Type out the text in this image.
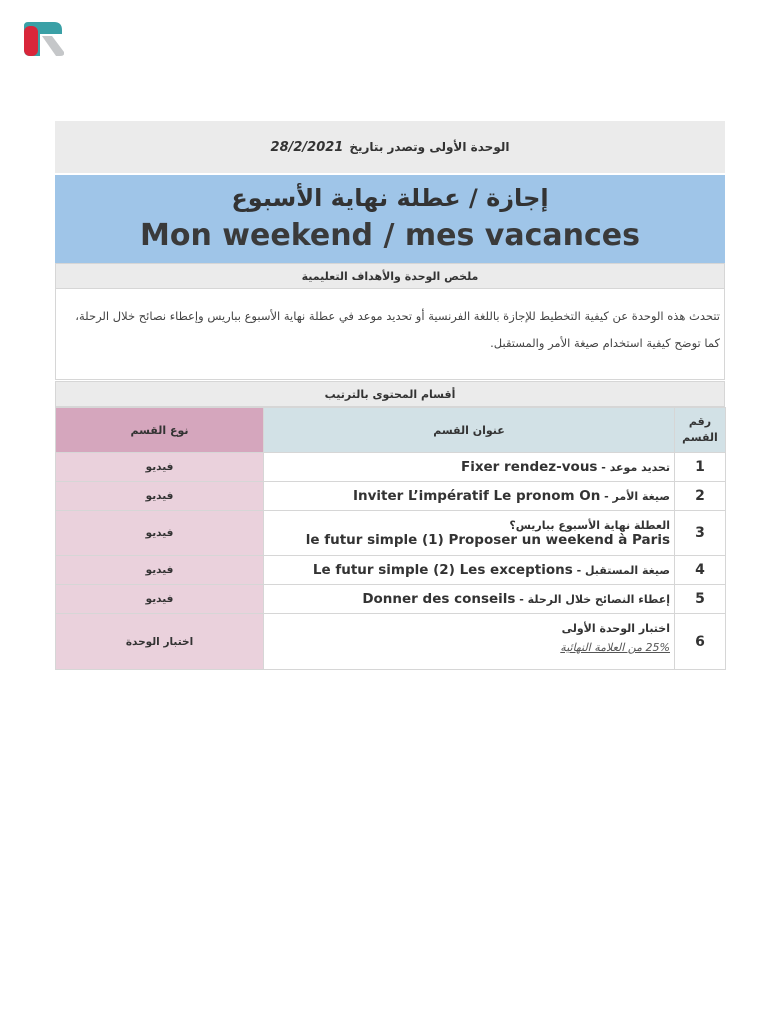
الوحدة الأولى وتصدر بتاريخ
28/2/2021
إجازة / عطلة نهاية الأسبوع
Mon weekend / mes vacances
ملخص الوحدة والأهداف التعليمية
تتحدث هذه الوحدة عن كيفية التخطيط للإجازة باللغة الفرنسية أو تحديد موعد في عطلة نهاية الأسبوع بباريس وإعطاء نصائح خلال الرحلة، كما توضح كيفية استخدام صيغة الأمر والمستقبل.
أقسام المحتوى بالترتيب
رقم القسم	عنوان القسم	نوع القسم
1	تحديد موعد - Fixer rendez-vous	فيديو
2	صيغة الأمر - Inviter L’impératif Le pronom On	فيديو
3	العطلة نهاية الأسبوع بباريس؟
le futur simple (1) Proposer un weekend à Paris	فيديو
4	صيغة المستقبل - Le futur simple (2) Les exceptions	فيديو
5	إعطاء النصائح خلال الرحلة - Donner des conseils	فيديو
6	اختبار الوحدة الأولى
25% من العلامة النهائية	اختبار الوحدة
